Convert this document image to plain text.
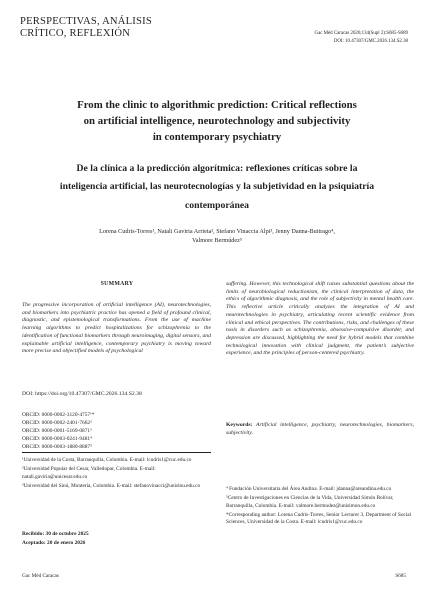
PERSPECTIVAS, ANÁLISIS
CRÍTICO, REFLEXIÓN	Gac Méd Caracas 2026;134(Supl 2):S685-S689
DOI: 10.47307/GMC.2026.134.S2.38
From the clinic to algorithmic prediction: Critical reflections
on artificial intelligence, neurotechnology and subjectivity
in contemporary psychiatry
De la clínica a la predicción algorítmica: reflexiones críticas sobre la
inteligencia artificial, las neurotecnologías y la subjetividad en la psiquiatría
contemporánea
Lorena Cudris-Torres¹, Natali Gaviria Arrieta², Stefano Vinaccia Alpi³, Jenny Danna-Buitrago⁴,
Valmore Bermúdez⁵
SUMMARY
The progressive incorporation of artificial intelligence (AI), neurotechnologies, and biomarkers into psychiatric practice has opened a field of profound clinical, diagnostic, and epistemological transformations. From the use of machine learning algorithms to predict hospitalizations for schizophrenia to the identification of functional biomarkers through neuroimaging, digital sensors, and explainable artificial intelligence, contemporary psychiatry is moving toward more precise and objectified models of psychological
suffering. However, this technological shift raises substantial questions about the limits of neurobiological reductionism, the clinical interpretation of data, the ethics of algorithmic diagnosis, and the role of subjectivity in mental health care. This reflective article critically analyzes the integration of AI and neurotechnologies in psychiatry, articulating recent scientific evidence from clinical and ethical perspectives. The contributions, risks, and challenges of these tools in disorders such as schizophrenia, obsessive-compulsive disorder, and depression are discussed, highlighting the need for hybrid models that combine technological innovation with clinical judgment, the patient’s subjective experience, and the principles of person-centered psychiatry.
Keywords: Artificial intelligence, psychiatry, neurotechnologies, biomarkers, subjectivity.
DOI: https://doi.org/10.47307/GMC.2026.134.S2.38
ORCID: 0000-0002-3120-4757¹*
ORCID: 0000-0002-2401-7662²
ORCID: 0000-0001-5169-0871³
ORCID: 0000-0003-0241-9481⁴
ORCID: 0000-0003-1880-8887⁵
¹Universidad de la Costa, Barranquilla, Colombia. E-mail: lcudris1@cuc.edu.co
²Universidad Popular del Cesar, Valledupar, Colombia. E-mail: natali.gaviria@unicesar.edu.co
³Universidad del Sinú, Montería, Colombia. E-mail: stefanovinacci@unisinu.edu.co
⁴ Fundación Universitaria del Área Andina. E-mail: jdanna@areandina.edu.co
⁵Centro de Investigaciones en Ciencias de la Vida, Universidad Simón Bolívar, Barranquilla, Colombia. E-mail: valmore.bermudez@unisimon.edu.co
*Corresponding author: Lorena Cudris-Torres, Senior Lecturer 3, Department of Social Sciences, Universidad de la Costa. E-mail: lcudris1@cuc.edu.co
Recibido: 30 de octubre 2025
Aceptado: 20 de enero 2026
Gac Méd Caracas	S685
